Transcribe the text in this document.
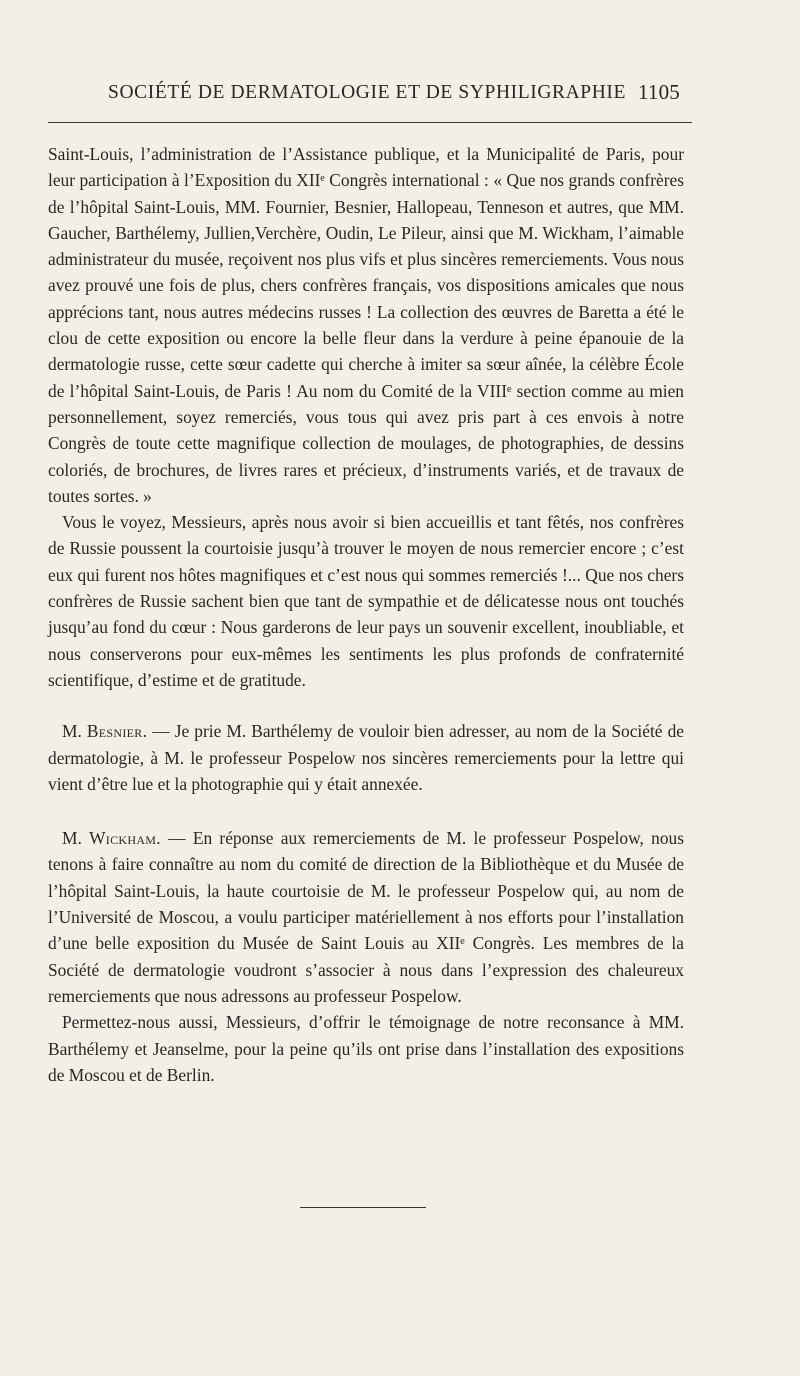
SOCIÉTÉ DE DERMATOLOGIE ET DE SYPHILIGRAPHIE 1105

Saint-Louis, l’administration de l’Assistance publique, et la Municipalité de Paris, pour leur participation à l’Exposition du XIIᵉ Congrès international : « Que nos grands confrères de l’hôpital Saint-Louis, MM. Fournier, Besnier, Hallopeau, Tenneson et autres, que MM. Gaucher, Barthélemy, Jullien,Verchère, Oudin, Le Pileur, ainsi que M. Wickham, l’aimable administrateur du musée, reçoivent nos plus vifs et plus sincères remerciements. Vous nous avez prouvé une fois de plus, chers confrères français, vos dispositions amicales que nous apprécions tant, nous autres médecins russes ! La collection des œuvres de Baretta a été le clou de cette exposition ou encore la belle fleur dans la verdure à peine épanouie de la dermatologie russe, cette sœur cadette qui cherche à imiter sa sœur aînée, la célèbre École de l’hôpital Saint-Louis, de Paris ! Au nom du Comité de la VIIIᵉ section comme au mien personnellement, soyez remerciés, vous tous qui avez pris part à ces envois à notre Congrès de toute cette magnifique collection de moulages, de photographies, de dessins coloriés, de brochures, de livres rares et précieux, d’instruments variés, et de travaux de toutes sortes. »

Vous le voyez, Messieurs, après nous avoir si bien accueillis et tant fêtés, nos confrères de Russie poussent la courtoisie jusqu’à trouver le moyen de nous remercier encore ; c’est eux qui furent nos hôtes magnifiques et c’est nous qui sommes remerciés !... Que nos chers confrères de Russie sachent bien que tant de sympathie et de délicatesse nous ont touchés jusqu’au fond du cœur : Nous garderons de leur pays un souvenir excellent, inoubliable, et nous conserverons pour eux-mêmes les sentiments les plus profonds de confraternité scientifique, d’estime et de gratitude.

M. Besnier. — Je prie M. Barthélemy de vouloir bien adresser, au nom de la Société de dermatologie, à M. le professeur Pospelow nos sincères remerciements pour la lettre qui vient d’être lue et la photographie qui y était annexée.

M. Wickham. — En réponse aux remerciements de M. le professeur Pospelow, nous tenons à faire connaître au nom du comité de direction de la Bibliothèque et du Musée de l’hôpital Saint-Louis, la haute courtoisie de M. le professeur Pospelow qui, au nom de l’Université de Moscou, a voulu participer matériellement à nos efforts pour l’installation d’une belle exposition du Musée de Saint Louis au XIIᵉ Congrès. Les membres de la Société de dermatologie voudront s’associer à nous dans l’expression des chaleureux remerciements que nous adressons au professeur Pospelow.

Permettez-nous aussi, Messieurs, d’offrir le témoignage de notre reconsance à MM. Barthélemy et Jeanselme, pour la peine qu’ils ont prise dans l’installation des expositions de Moscou et de Berlin.
